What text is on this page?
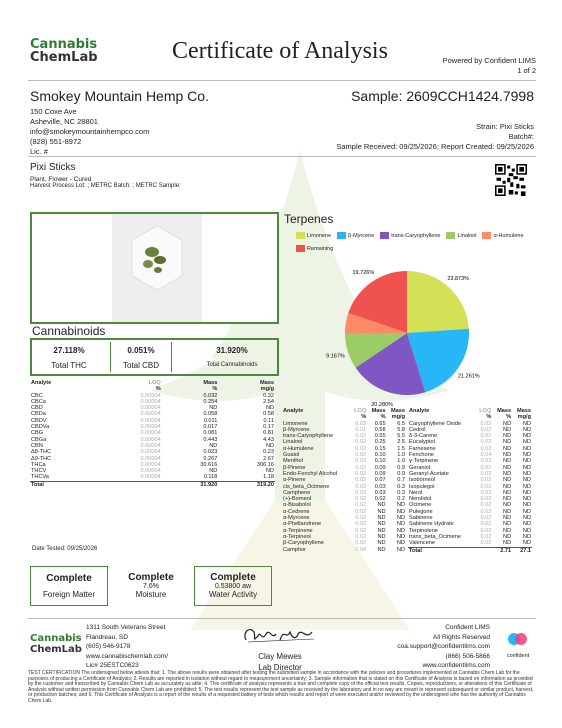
Cannabis
ChemLab	Certificate of Analysis	Powered by Confident LIMS
1 of 2
Smokey Mountain Hemp Co.
150 Coxe Ave
Asheville, NC 28801
info@smokeymountainhempco.com
(828) 551-8972
Lic. #
Sample: 2609CCH1424.7998
Strain: Pixi Sticks
Batch#:
Sample Received: 09/25/2026; Report Created: 09/25/2026
Pixi Sticks
Plant, Flower - Cured
Harvest Process Lot: ; METRC Batch: ; METRC Sample:
Cannabinoids
27.118%
Total THC
0.051%
Total CBD
31.920%
Total Cannabinoids
Analyte	LOQ	Mass	Mass
	%	%	mg/g
CBC	0.00004	0.032	0.32
CBCa	0.00004	0.254	2.54
CBD	0.00004	ND	ND
CBDa	0.00004	0.058	0.58
CBDV	0.00004	0.011	0.11
CBDVa	0.00004	0.017	0.17
CBG	0.00004	0.081	0.81
CBGa	0.00004	0.443	4.43
CBN	0.00004	ND	ND
Δ8-THC	0.00004	0.023	0.23
Δ9-THC	0.00004	0.267	2.67
THCa	0.00004	30.616	306.16
THCV	0.00004	ND	ND
THCVa	0.00004	0.118	1.18
Total		31.920	319.20
Date Tested: 09/25/2026
Terpenes
Limonene	β-Myrcene	trans-Caryophyllene	Linalool	α-HumuleneRemaining
23.873%
21.261%
20.280%
9.167%
19.726%
Analyte	LOQ	Mass	Mass
	%	%	mg/g
Limonene	0.02	0.65	6.5
β-Myrcene	0.01	0.58	5.8
trans-Caryophyllene	0.02	0.55	5.5
Linalool	0.02	0.25	2.5
α-Humulene	0.02	0.15	1.5
Guaiol	0.02	0.10	1.0
Menthol	0.02	0.10	1.0
β-Pinene	0.02	0.09	0.9
Endo-Fenchyl Alcohol	0.02	0.09	0.9
α-Pinene	0.02	0.07	0.7
cis_beta_Ocimene	0.02	0.03	0.3
Camphene	0.02	0.03	0.3
(+)-Borneol	0.02	0.02	0.2
α-Bisabolol	0.02	ND	ND
α-Cedrene	0.02	ND	ND
α-Myrcene	0.02	ND	ND
α-Phellandrene	0.02	ND	ND
α-Terpinene	0.02	ND	ND
α-Terpineol	0.02	ND	ND
β-Caryophyllene	0.02	ND	ND
Camphor	0.04	ND	ND
Analyte	LOQ	Mass	Mass
	%	%	mg/g
Caryophyllene Oxide	0.02	ND	ND
Cedrol	0.02	ND	ND
δ-3-Carene	0.02	ND	ND
Eucalyptol	0.02	ND	ND
Farnesene	0.02	ND	ND
Fenchone	0.04	ND	ND
γ-Terpinene	0.02	ND	ND
Geraniol	0.02	ND	ND
Geranyl Acetate	0.02	ND	ND
Isoborneol	0.02	ND	ND
Isopulegol	0.02	ND	ND
Nerol	0.02	ND	ND
Nerolidol	0.02	ND	ND
Ocimene	0.02	ND	ND
Pulegone	0.02	ND	ND
Sabinene	0.02	ND	ND
Sabinene Hydrate	0.02	ND	ND
Terpinolene	0.02	ND	ND
trans_beta_Ocimene	0.02	ND	ND
Valencene	0.02	ND	ND
Total		2.71	27.1
Complete
Foreign Matter
Complete
7.6%
Moisture
Complete
0.53800 aw
Water Activity
Cannabis
ChemLab
1311 South Veterans Street
Flandreau, SD
(605) 546-9178
www.cannabischemlab.com/
Lic# 25ESTC0623
Clay Mewes
Lab Director
Confident LIMS
All Rights Reserved
coa.support@confidentlims.com
(866) 506-5866
www.confidentlims.com
confident
TEST CERTIFICATION The undersigned below attests that: 1. The above results were obtained after testing the submitted sample in accordance with the policies and procedures implemented at Cannabis Chem Lab for the purposes of producing a Certificate of Analysis; 2. Results are reported in isolation without regard to measurement uncertainty; 3. Sample information that is stated on this Certificate of Analysis is based on information as provided by the customer and transcribed by Cannabis Chem Lab as accurately as able; 4. This certificate of analysis represents a true and complete copy of the official test results. Copies, reproductions, or alterations of this Certificate of Analysis without written permission from Cannabis Chem Lab are prohibited; 5. The test results represent the test sample as received by the laboratory and in no way are meant to represent subsequent or similar product, harvest, or production batches; and 6. This Certificate of Analysis is a report of the results of a requested battery of tests which results and report of were executed and/or reviewed by the undersigned who has the authority of Cannabis Chem Lab.
